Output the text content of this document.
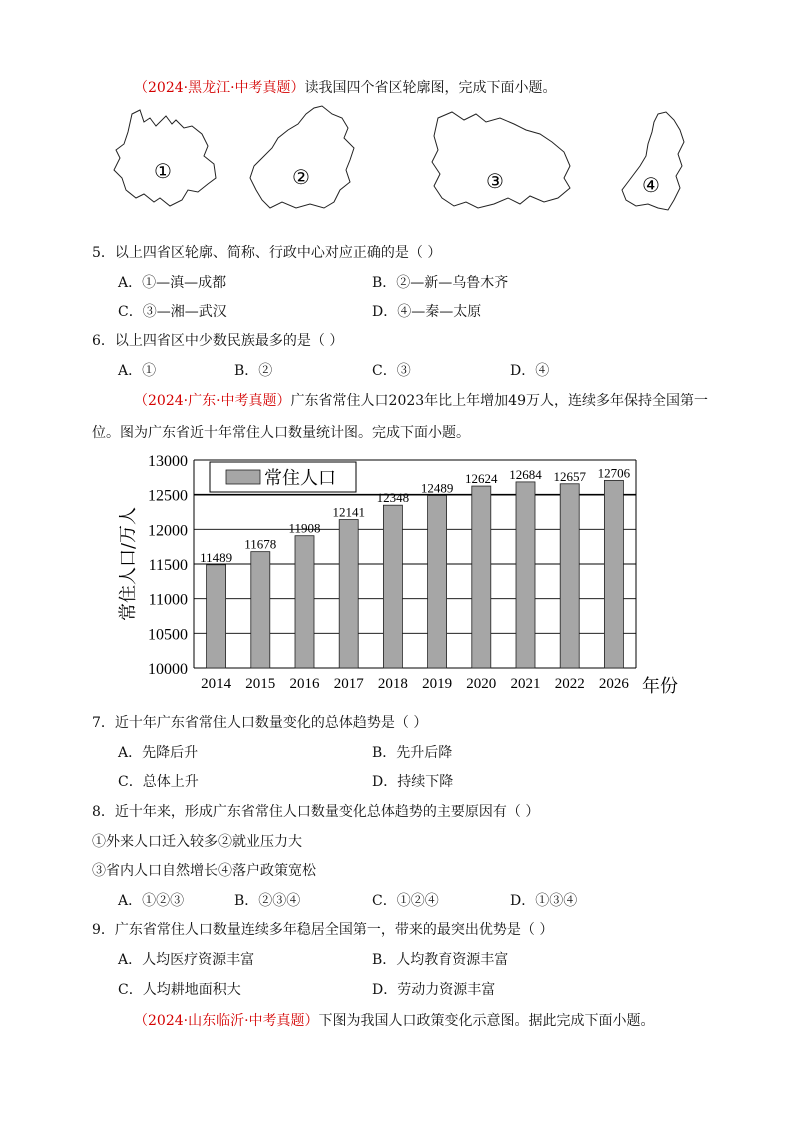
（2024·黑龙江·中考真题）读我国四个省区轮廓图，完成下面小题。
①	②	③	④
5．以上四省区轮廓、简称、行政中心对应正确的是（ ）
A．①—滇—成都	B．②—新—乌鲁木齐
C．③—湘—武汉	D．④—秦—太原
6．以上四省区中少数民族最多的是（ ）
A．①	B．②	C．③	D．④
（2024·广东·中考真题）广东省常住人口2023年比上年增加49万人，连续多年保持全国第一
位。图为广东省近十年常住人口数量统计图。完成下面小题。
10000
10500
11000
11500
12000
12500
13000
11489
2014
11678
2015
11908
2016
12141
2017
12348
2018
12489
2019
12624
2020
12684
2021
12657
2022
12706
2026
常住人口/万人
年份
常住人口
7．近十年广东省常住人口数量变化的总体趋势是（ ）
A．先降后升	B．先升后降
C．总体上升	D．持续下降
8．近十年来，形成广东省常住人口数量变化总体趋势的主要原因有（ ）
①外来人口迁入较多②就业压力大
③省内人口自然增长④落户政策宽松
A．①②③	B．②③④	C．①②④	D．①③④
9．广东省常住人口数量连续多年稳居全国第一，带来的最突出优势是（ ）
A．人均医疗资源丰富	B．人均教育资源丰富
C．人均耕地面积大	D．劳动力资源丰富
（2024·山东临沂·中考真题）下图为我国人口政策变化示意图。据此完成下面小题。
